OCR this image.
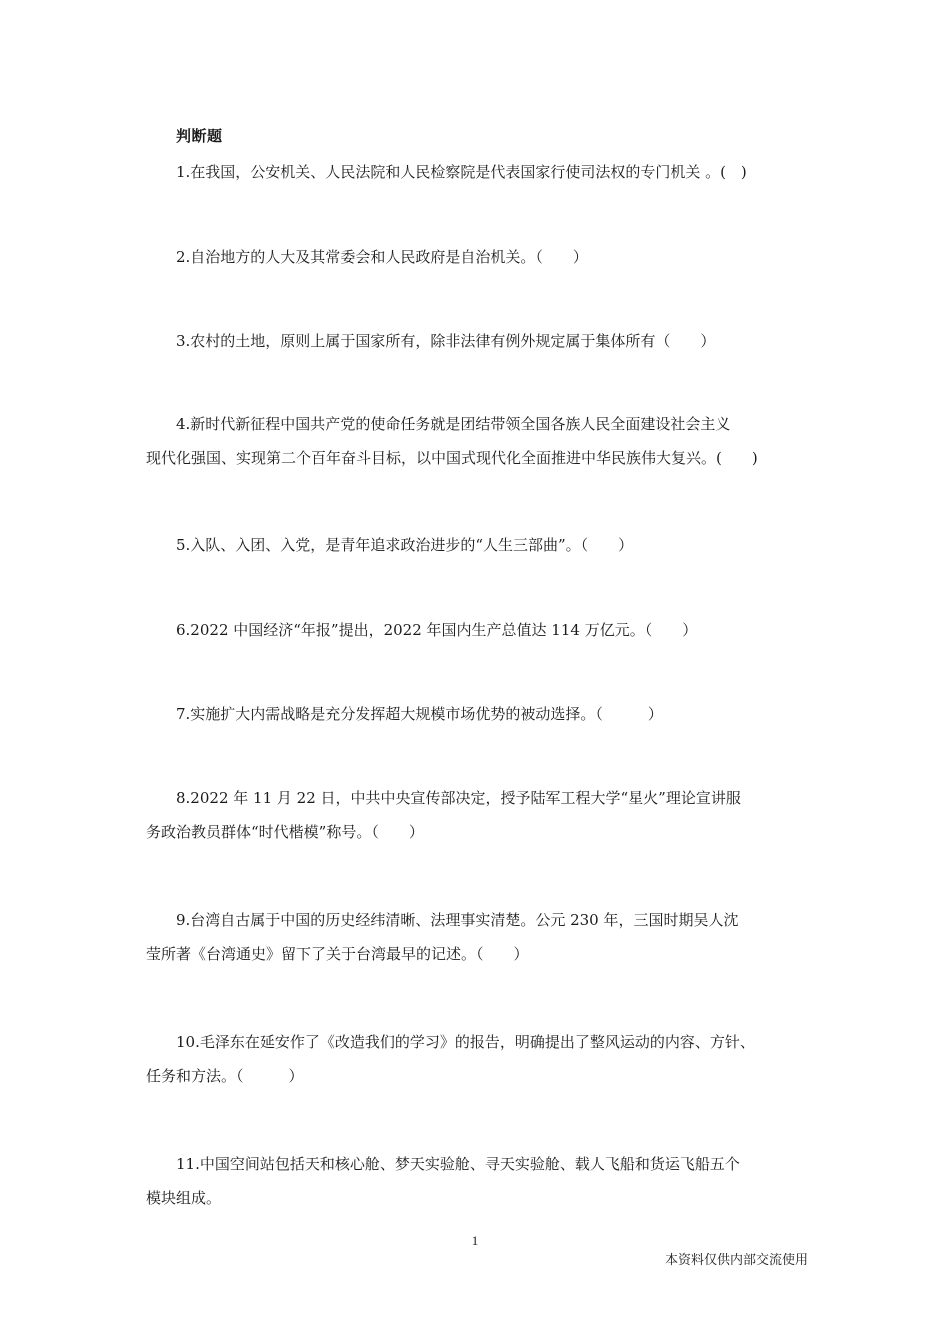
判断题
1.在我国，公安机关、人民法院和人民检察院是代表国家行使司法权的专门机关 。(　)
2.自治地方的人大及其常委会和人民政府是自治机关。（　　）
3.农村的土地，原则上属于国家所有，除非法律有例外规定属于集体所有（　　）
4.新时代新征程中国共产党的使命任务就是团结带领全国各族人民全面建设社会主义
现代化强国、实现第二个百年奋斗目标，以中国式现代化全面推进中华民族伟大复兴。(　　)
5.入队、入团、入党，是青年追求政治进步的“人生三部曲”。（　　）
6.2022 中国经济“年报”提出，2022 年国内生产总值达 114 万亿元。（　　）
7.实施扩大内需战略是充分发挥超大规模市场优势的被动选择。（　　　）
8.2022 年 11 月 22 日，中共中央宣传部决定，授予陆军工程大学“星火”理论宣讲服
务政治教员群体“时代楷模”称号。（　　）
9.台湾自古属于中国的历史经纬清晰、法理事实清楚。公元 230 年，三国时期吴人沈
莹所著《台湾通史》留下了关于台湾最早的记述。（　　）
10.毛泽东在延安作了《改造我们的学习》的报告，明确提出了整风运动的内容、方针、
任务和方法。（　　　）
11.中国空间站包括天和核心舱、梦天实验舱、寻天实验舱、载人飞船和货运飞船五个
模块组成。
1
本资料仅供内部交流使用
